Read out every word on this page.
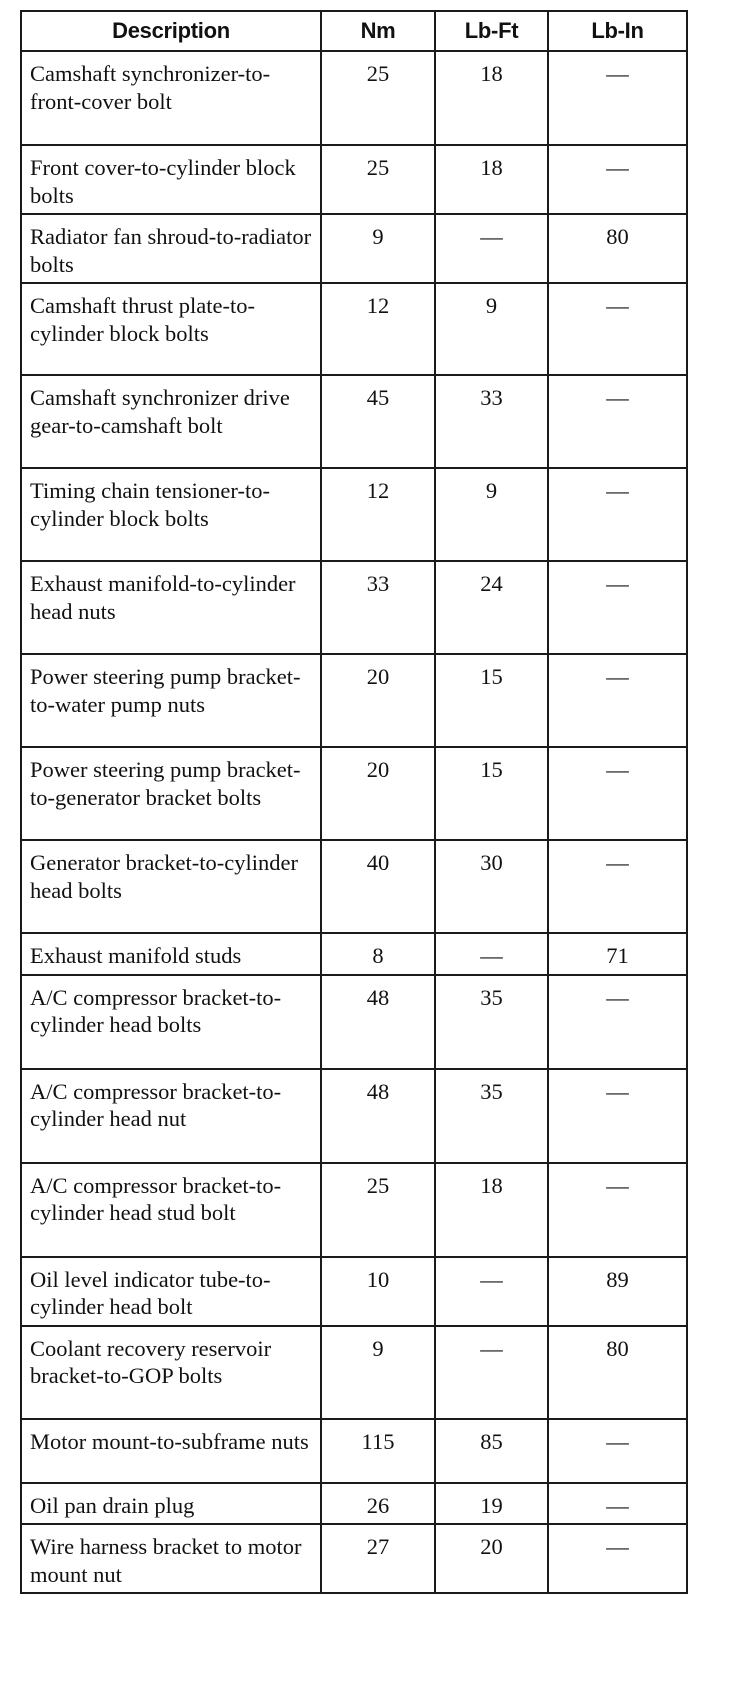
Description	Nm	Lb-Ft	Lb-In
Camshaft synchronizer-to-front-cover bolt	25	18	—
Front cover-to-cylinder block bolts	25	18	—
Radiator fan shroud-to-radiator bolts	9	—	80
Camshaft thrust plate-to-cylinder block bolts	12	9	—
Camshaft synchronizer drive gear-to-camshaft bolt	45	33	—
Timing chain tensioner-to-cylinder block bolts	12	9	—
Exhaust manifold-to-cylinder head nuts	33	24	—
Power steering pump bracket-to-water pump nuts	20	15	—
Power steering pump bracket-to-generator bracket bolts	20	15	—
Generator bracket-to-cylinder head bolts	40	30	—
Exhaust manifold studs	8	—	71
A/C compressor bracket-to-cylinder head bolts	48	35	—
A/C compressor bracket-to-cylinder head nut	48	35	—
A/C compressor bracket-to-cylinder head stud bolt	25	18	—
Oil level indicator tube-to-cylinder head bolt	10	—	89
Coolant recovery reservoir bracket-to-GOP bolts	9	—	80
Motor mount-to-subframe nuts	115	85	—
Oil pan drain plug	26	19	—
Wire harness bracket to motor mount nut	27	20	—
